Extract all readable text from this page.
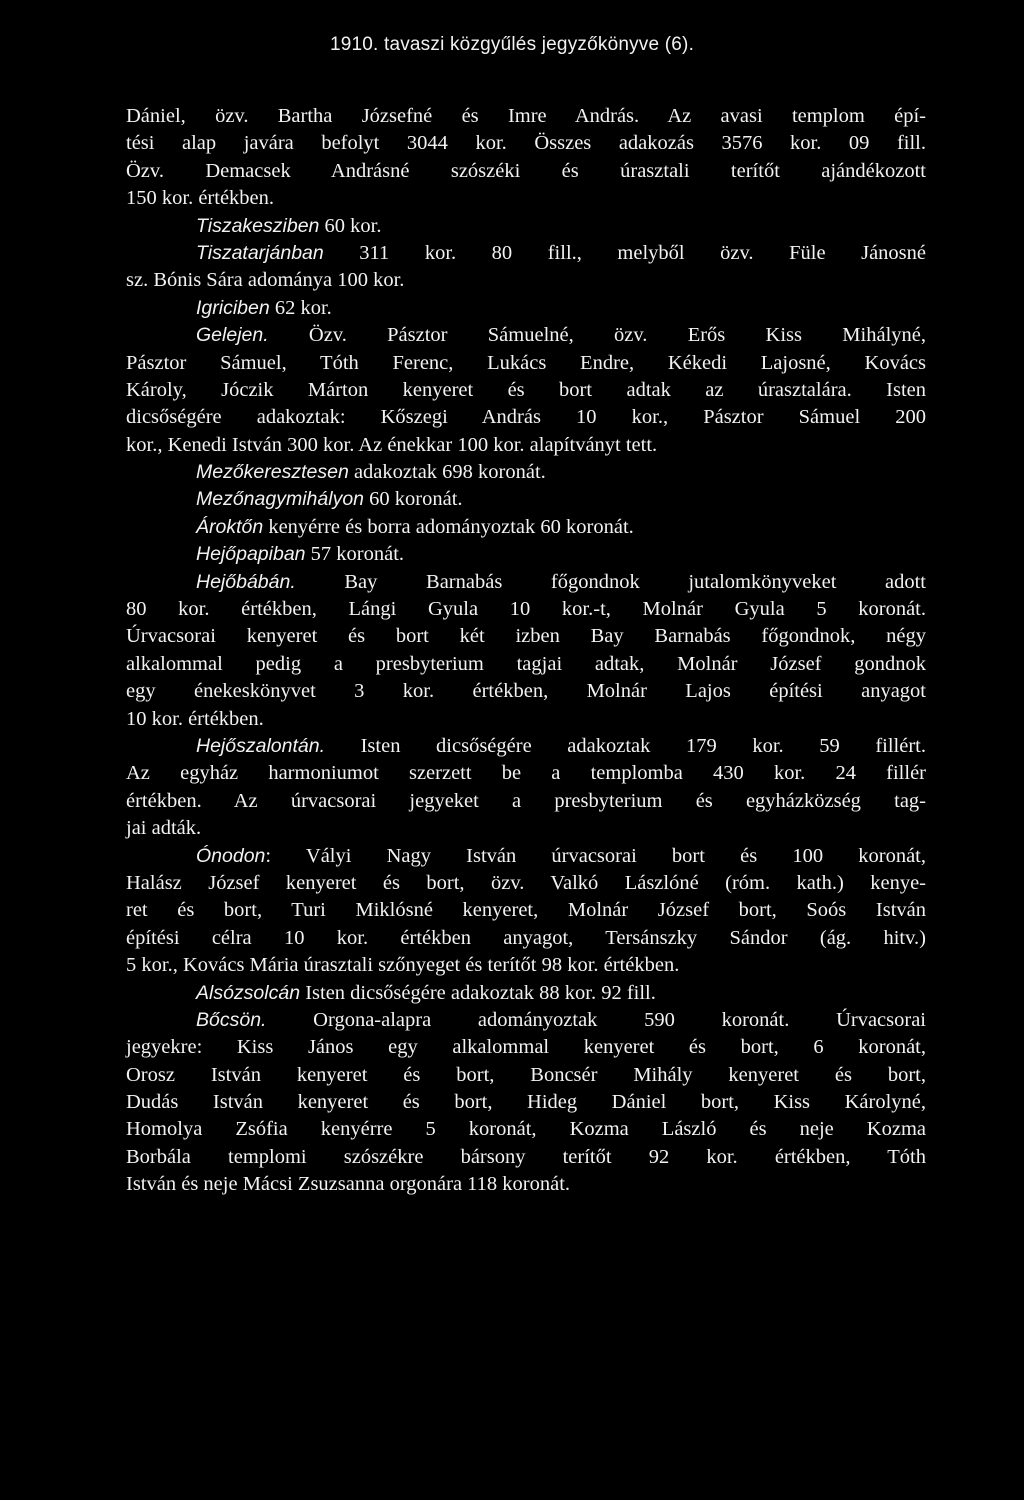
1910. tavaszi közgyűlés jegyzőkönyve (6).
Dániel, özv. Bartha Józsefné és Imre András. Az avasi templom épí-
tési alap javára befolyt 3044 kor. Összes adakozás 3576 kor. 09 fill.
Özv. Demacsek Andrásné szószéki és úrasztali terítőt ajándékozott
150 kor. értékben.
Tiszakesziben 60 kor.
Tiszatarjánban 311 kor. 80 fill., melyből özv. Füle Jánosné
sz. Bónis Sára adománya 100 kor.
Igriciben 62 kor.
Gelejen. Özv. Pásztor Sámuelné, özv. Erős Kiss Mihályné,
Pásztor Sámuel, Tóth Ferenc, Lukács Endre, Kékedi Lajosné, Kovács
Károly, Jóczik Márton kenyeret és bort adtak az úrasztalára. Isten
dicsőségére adakoztak: Kőszegi András 10 kor., Pásztor Sámuel 200
kor., Kenedi István 300 kor. Az énekkar 100 kor. alapítványt tett.
Mezőkeresztesen adakoztak 698 koronát.
Mezőnagymihályon 60 koronát.
Ároktőn kenyérre és borra adományoztak 60 koronát.
Hejőpapiban 57 koronát.
Hejőbábán. Bay Barnabás főgondnok jutalomkönyveket adott
80 kor. értékben, Lángi Gyula 10 kor.-t, Molnár Gyula 5 koronát.
Úrvacsorai kenyeret és bort két izben Bay Barnabás főgondnok, négy
alkalommal pedig a presbyterium tagjai adtak, Molnár József gondnok
egy énekeskönyvet 3 kor. értékben, Molnár Lajos építési anyagot
10 kor. értékben.
Hejőszalontán. Isten dicsőségére adakoztak 179 kor. 59 fillért.
Az egyház harmoniumot szerzett be a templomba 430 kor. 24 fillér
értékben. Az úrvacsorai jegyeket a presbyterium és egyházközség tag-
jai adták.
Ónodon: Vályi Nagy István úrvacsorai bort és 100 koronát,
Halász József kenyeret és bort, özv. Valkó Lászlóné (róm. kath.) kenye-
ret és bort, Turi Miklósné kenyeret, Molnár József bort, Soós István
építési célra 10 kor. értékben anyagot, Tersánszky Sándor (ág. hitv.)
5 kor., Kovács Mária úrasztali szőnyeget és terítőt 98 kor. értékben.
Alsózsolcán Isten dicsőségére adakoztak 88 kor. 92 fill.
Bőcsön. Orgona-alapra adományoztak 590 koronát. Úrvacsorai
jegyekre: Kiss János egy alkalommal kenyeret és bort, 6 koronát,
Orosz István kenyeret és bort, Boncsér Mihály kenyeret és bort,
Dudás István kenyeret és bort, Hideg Dániel bort, Kiss Károlyné,
Homolya Zsófia kenyérre 5 koronát, Kozma László és neje Kozma
Borbála templomi szószékre bársony terítőt 92 kor. értékben, Tóth
István és neje Mácsi Zsuzsanna orgonára 118 koronát.
